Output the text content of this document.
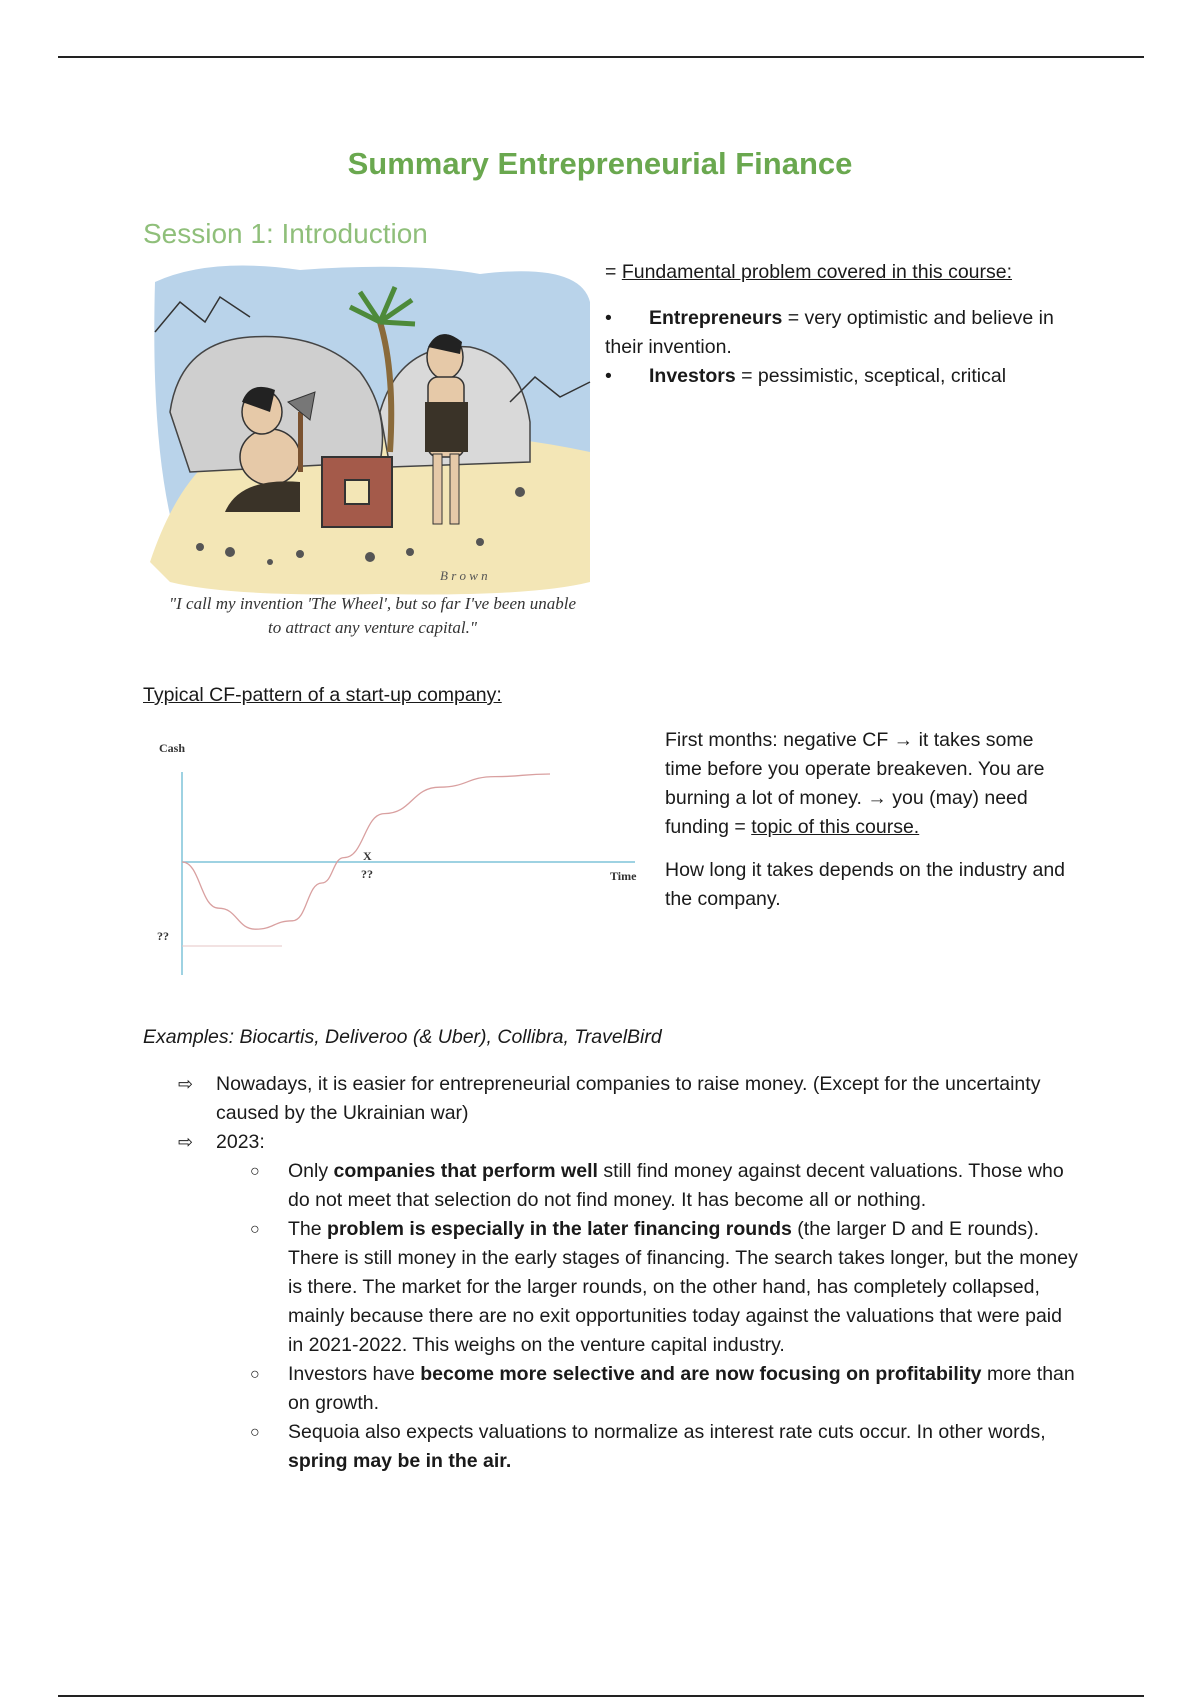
Summary Entrepreneurial Finance
Session 1: Introduction
B r o w n
"I call my invention 'The Wheel', but so far I've been unable
to attract any venture capital."

= Fundamental problem covered in this course:

• Entrepreneurs = very optimistic and believe in their invention.

• Investors = pessimistic, sceptical, critical

Typical CF-pattern of a start-up company:
Cash
Time
??
X
??

First months: negative CF → it takes some time before you operate breakeven. You are burning a lot of money. → you (may) need funding = topic of this course.

How long it takes depends on the industry and the company.

Examples: Biocartis, Deliveroo (& Uber), Collibra, TravelBird
⇨ Nowadays, it is easier for entrepreneurial companies to raise money. (Except for the uncertainty caused by the Ukrainian war)
⇨ 2023:
○ Only companies that perform well still find money against decent valuations. Those who do not meet that selection do not find money. It has become all or nothing.
○ The problem is especially in the later financing rounds (the larger D and E rounds). There is still money in the early stages of financing. The search takes longer, but the money is there. The market for the larger rounds, on the other hand, has completely collapsed, mainly because there are no exit opportunities today against the valuations that were paid in 2021-2022. This weighs on the venture capital industry.
○ Investors have become more selective and are now focusing on profitability more than on growth.
○ Sequoia also expects valuations to normalize as interest rate cuts occur. In other words, spring may be in the air.
